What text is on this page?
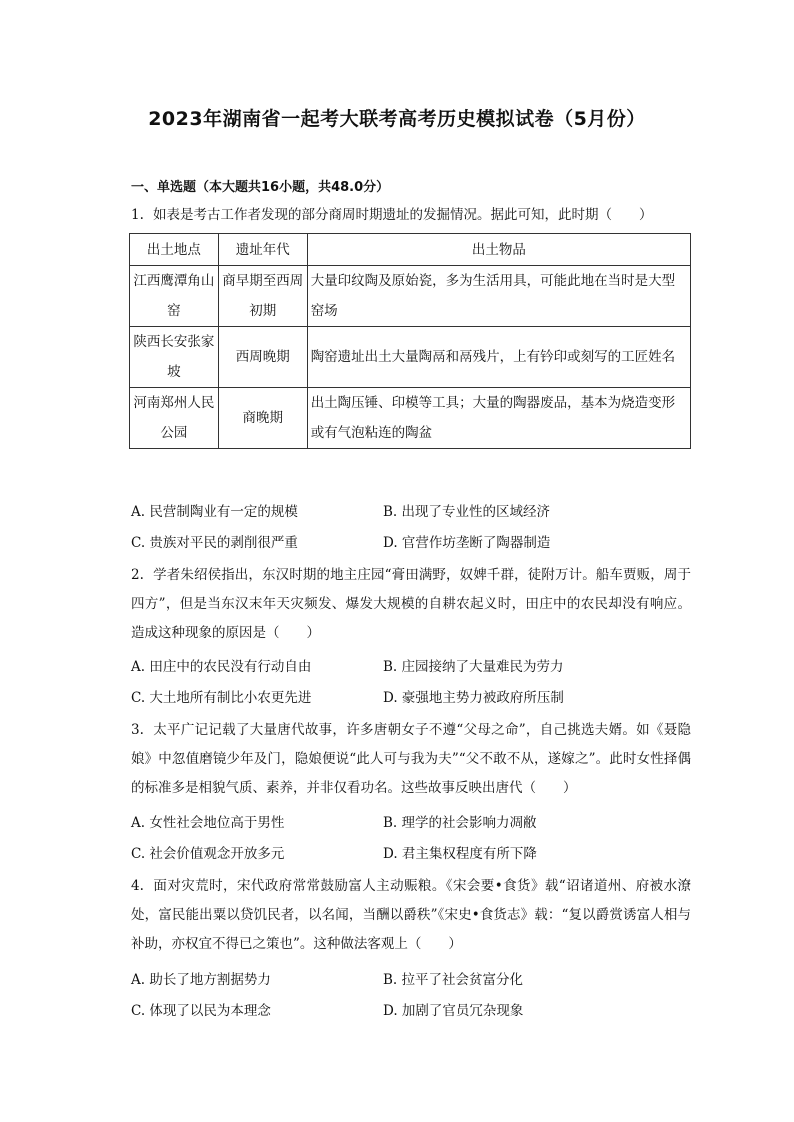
2023年湖南省一起考大联考高考历史模拟试卷（5月份）
一、单选题（本大题共16小题，共48.0分）
1. 如表是考古工作者发现的部分商周时期遗址的发掘情况。据此可知，此时期（　　）
出土地点	遗址年代	出土物品
江西鹰潭角山窑	商早期至西周初期	大量印纹陶及原始瓷，多为生活用具，可能此地在当时是大型窑场
陕西长安张家坡	西周晚期	陶窑遗址出土大量陶鬲和鬲残片，上有钤印或刻写的工匠姓名
河南郑州人民公园	商晚期	出土陶压锤、印模等工具；大量的陶器废品，基本为烧造变形或有气泡粘连的陶盆
A. 民营制陶业有一定的规模	B. 出现了专业性的区域经济
C. 贵族对平民的剥削很严重	D. 官营作坊垄断了陶器制造
2. 学者朱绍侯指出，东汉时期的地主庄园“膏田满野，奴婢千群，徒附万计。船车贾贩，周于四方”，但是当东汉末年天灾频发、爆发大规模的自耕农起义时，田庄中的农民却没有响应。造成这种现象的原因是（　　）
A. 田庄中的农民没有行动自由	B. 庄园接纳了大量难民为劳力
C. 大土地所有制比小农更先进	D. 豪强地主势力被政府所压制
3. 太平广记记载了大量唐代故事，许多唐朝女子不遵“父母之命”，自己挑选夫婿。如《聂隐娘》中忽值磨镜少年及门，隐娘便说“此人可与我为夫”“父不敢不从，遂嫁之”。此时女性择偶的标准多是相貌气质、素养，并非仅看功名。这些故事反映出唐代（　　）
A. 女性社会地位高于男性	B. 理学的社会影响力凋敝
C. 社会价值观念开放多元	D. 君主集权程度有所下降
4. 面对灾荒时，宋代政府常常鼓励富人主动赈粮。《宋会要•食货》载“诏诸道州、府被水潦处，富民能出粟以贷饥民者，以名闻，当酬以爵秩”《宋史•食货志》载：“复以爵赏诱富人相与补助，亦权宜不得已之策也”。这种做法客观上（　　）
A. 助长了地方割据势力	B. 拉平了社会贫富分化
C. 体现了以民为本理念	D. 加剧了官员冗杂现象
